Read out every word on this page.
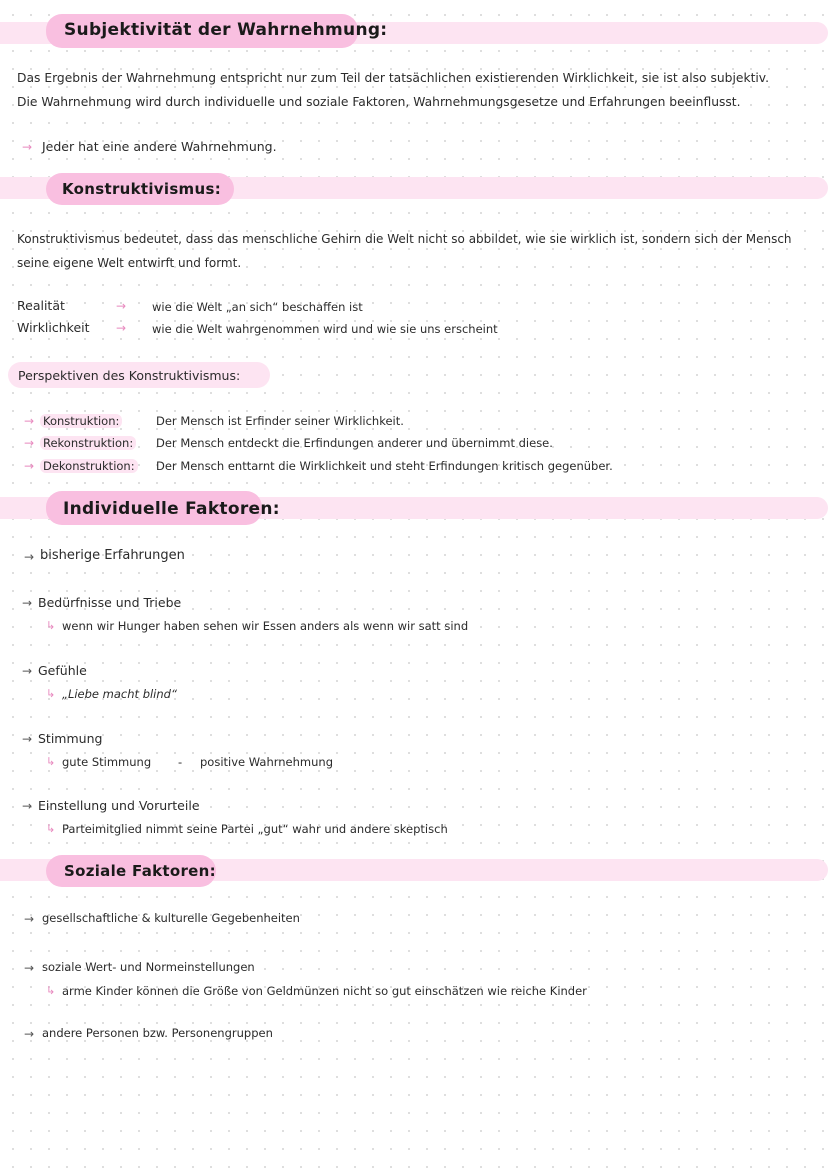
Subjektivität der Wahrnehmung:
Das Ergebnis der Wahrnehmung entspricht nur zum Teil der tatsächlichen existierenden Wirklichkeit, sie ist also subjektiv.
Die Wahrnehmung wird durch individuelle und soziale Faktoren, Wahrnehmungsgesetze und Erfahrungen beeinflusst.
→ Jeder hat eine andere Wahrnehmung.
Konstruktivismus:
Konstruktivismus bedeutet, dass das menschliche Gehirn die Welt nicht so abbildet, wie sie wirklich ist, sondern sich der Mensch
seine eigene Welt entwirft und formt.
Realität	→ wie die Welt „an sich“ beschaffen ist
Wirklichkeit → wie die Welt wahrgenommen wird und wie sie uns erscheint
Perspektiven des Konstruktivismus:
→ Konstruktion:	Der Mensch ist Erfinder seiner Wirklichkeit.
→ Rekonstruktion: Der Mensch entdeckt die Erfindungen anderer und übernimmt diese.
→ Dekonstruktion: Der Mensch enttarnt die Wirklichkeit und steht Erfindungen kritisch gegenüber.
Individuelle Faktoren:
→ bisherige Erfahrungen
→ Bedürfnisse und Triebe
↳ wenn wir Hunger haben sehen wir Essen anders als wenn wir satt sind
→ Gefühle
↳ „Liebe macht blind“
→ Stimmung
↳ gute Stimmung - positive Wahrnehmung
→ Einstellung und Vorurteile
↳ Parteimitglied nimmt seine Partei „gut“ wahr und andere skeptisch
Soziale Faktoren:
→ gesellschaftliche & kulturelle Gegebenheiten
→ soziale Wert- und Normeinstellungen
↳ arme Kinder können die Größe von Geldmünzen nicht so gut einschätzen wie reiche Kinder
→ andere Personen bzw. Personengruppen
